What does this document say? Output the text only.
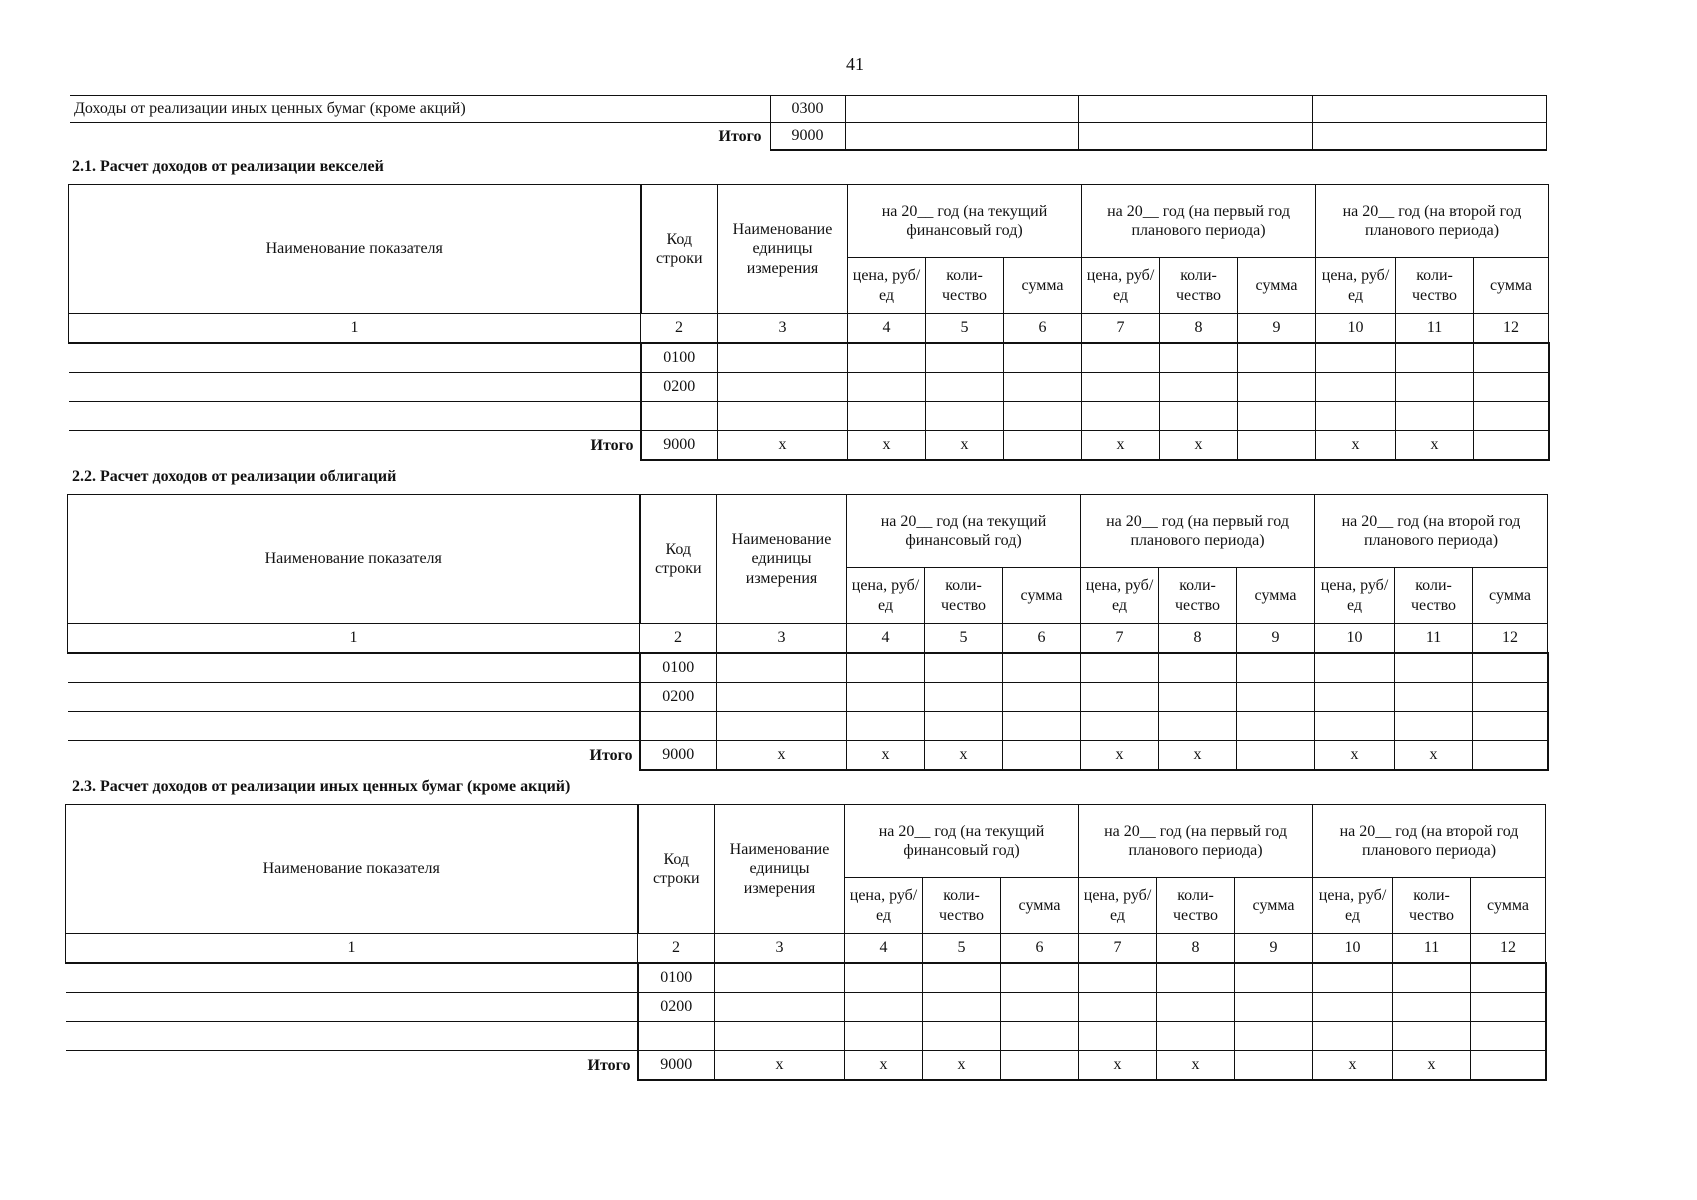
41
Доходы от реализации иных ценных бумаг (кроме акций)	0300			
Итого	9000			
2.1. Расчет доходов от реализации векселей
Наименование показателя	Код строки	Наименование единицы измерения	на 20__ год (на текущий финансовый год)			на 20__ год (на первый год планового периода)			на 20__ год (на второй год планового периода)		
			цена, руб/ед	коли- чество	сумма	цена, руб/ед	коли- чество	сумма	цена, руб/ед	коли- чество	сумма
1	2	3	4	5	6	7	8	9	10	11	12
	0100										
	0200										

Итого	9000	x	x	x		x	x		x	x	
2.2. Расчет доходов от реализации облигаций
Наименование показателя	Код строки	Наименование единицы измерения	на 20__ год (на текущий финансовый год)			на 20__ год (на первый год планового периода)			на 20__ год (на второй год планового периода)		
			цена, руб/ед	коли- чество	сумма	цена, руб/ед	коли- чество	сумма	цена, руб/ед	коли- чество	сумма
1	2	3	4	5	6	7	8	9	10	11	12
	0100										
	0200										

Итого	9000	x	x	x		x	x		x	x	
2.3. Расчет доходов от реализации иных ценных бумаг (кроме акций)
Наименование показателя	Код строки	Наименование единицы измерения	на 20__ год (на текущий финансовый год)			на 20__ год (на первый год планового периода)			на 20__ год (на второй год планового периода)		
			цена, руб/ед	коли- чество	сумма	цена, руб/ед	коли- чество	сумма	цена, руб/ед	коли- чество	сумма
1	2	3	4	5	6	7	8	9	10	11	12
	0100										
	0200										

Итого	9000	x	x	x		x	x		x	x	
